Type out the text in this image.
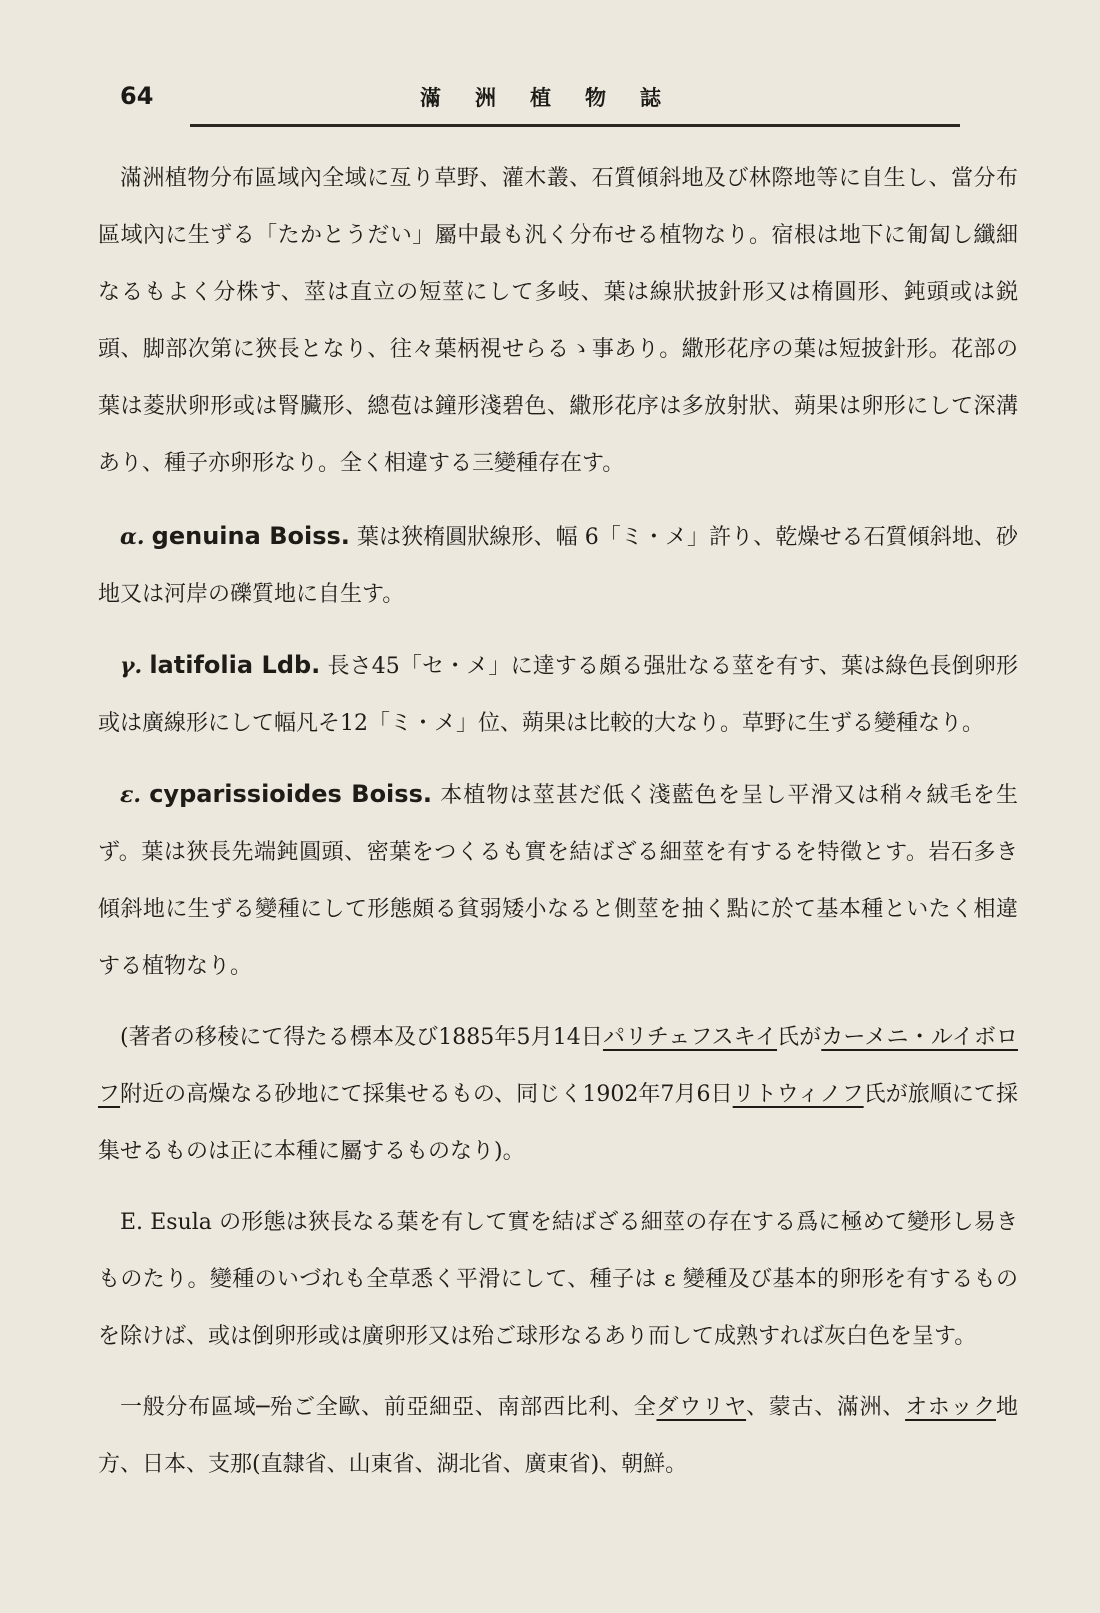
64	滿洲植物誌

滿洲植物分布區域內全域に亙り草野、灌木叢、石質傾斜地及び林際地等に自生し、當分布區域內に生ずる「たかとうだい」屬中最も汎く分布せる植物なり。宿根は地下に匍匐し纖細なるもよく分株す、莖は直立の短莖にして多岐、葉は線狀披針形又は楕圓形、鈍頭或は鋭頭、脚部次第に狹長となり、往々葉柄視せらるゝ事あり。繖形花序の葉は短披針形。花部の葉は菱狀卵形或は腎臟形、總苞は鐘形淺碧色、繖形花序は多放射狀、蒴果は卵形にして深溝あり、種子亦卵形なり。全く相違する三變種存在す。

α. genuina Boiss. 葉は狹楕圓狀線形、幅 6「ミ・メ」許り、乾燥せる石質傾斜地、砂地又は河岸の礫質地に自生す。

γ. latifolia Ldb. 長さ45「セ・メ」に達する頗る强壯なる莖を有す、葉は綠色長倒卵形或は廣線形にして幅凡そ12「ミ・メ」位、蒴果は比較的大なり。草野に生ずる變種なり。

ε. cyparissioides Boiss. 本植物は莖甚だ低く淺藍色を呈し平滑又は稍々絨毛を生ず。葉は狹長先端鈍圓頭、密葉をつくるも實を結ばざる細莖を有するを特徵とす。岩石多き傾斜地に生ずる變種にして形態頗る貧弱矮小なると側莖を抽く點に於て基本種といたく相違する植物なり。

(著者の移稜にて得たる標本及び1885年5月14日パリチェフスキイ氏がカーメニ・ルイボロフ附近の高燥なる砂地にて採集せるもの、同じく1902年7月6日リトウィノフ氏が旅順にて採集せるものは正に本種に屬するものなり)。

E. Esula の形態は狹長なる葉を有して實を結ばざる細莖の存在する爲に極めて變形し易きものたり。變種のいづれも全草悉く平滑にして、種子は ε 變種及び基本的卵形を有するものを除けば、或は倒卵形或は廣卵形又は殆ご球形なるあり而して成熟すれば灰白色を呈す。

一般分布區域─殆ご全歐、前亞細亞、南部西比利、全ダウリヤ、蒙古、滿洲、オホック地方、日本、支那(直隸省、山東省、湖北省、廣東省)、朝鮮。
